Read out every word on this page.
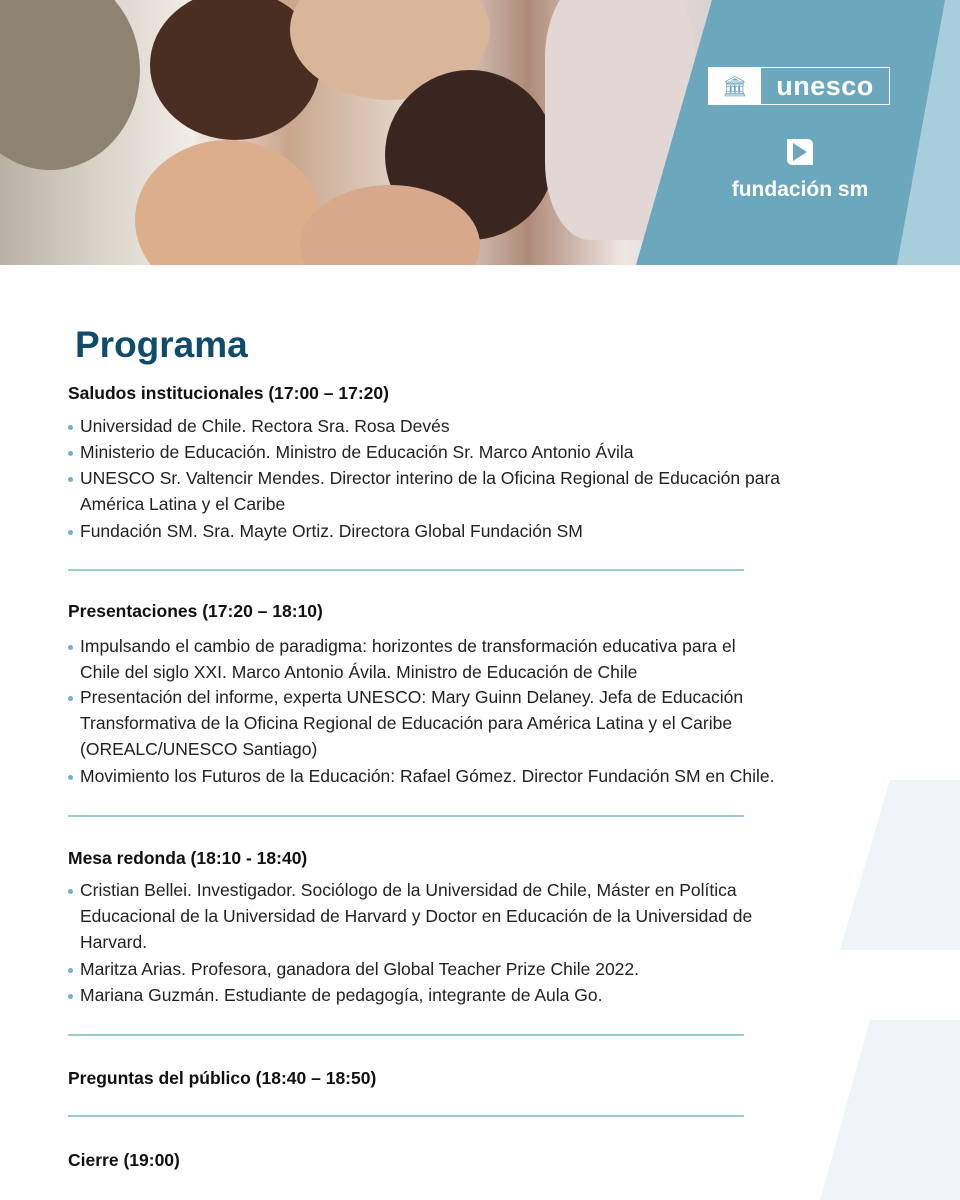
🏛	unesco
fundación sm
Programa
Saludos institucionales (17:00 – 17:20)
Universidad de Chile. Rectora Sra. Rosa Devés
Ministerio de Educación. Ministro de Educación Sr. Marco Antonio Ávila
UNESCO Sr. Valtencir Mendes. Director interino de la Oficina Regional de Educación para
América Latina y el Caribe
Fundación SM. Sra. Mayte Ortiz. Directora Global Fundación SM
Presentaciones (17:20 – 18:10)
Impulsando el cambio de paradigma: horizontes de transformación educativa para el
Chile del siglo XXI. Marco Antonio Ávila. Ministro de Educación de Chile
Presentación del informe, experta UNESCO: Mary Guinn Delaney. Jefa de Educación
Transformativa de la Oficina Regional de Educación para América Latina y el Caribe
(OREALC/UNESCO Santiago)
Movimiento los Futuros de la Educación: Rafael Gómez. Director Fundación SM en Chile.
Mesa redonda (18:10 - 18:40)
Cristian Bellei. Investigador. Sociólogo de la Universidad de Chile, Máster en Política
Educacional de la Universidad de Harvard y Doctor en Educación de la Universidad de
Harvard.
Maritza Arias. Profesora, ganadora del Global Teacher Prize Chile 2022.
Mariana Guzmán. Estudiante de pedagogía, integrante de Aula Go.
Preguntas del público (18:40 – 18:50)
Cierre (19:00)
